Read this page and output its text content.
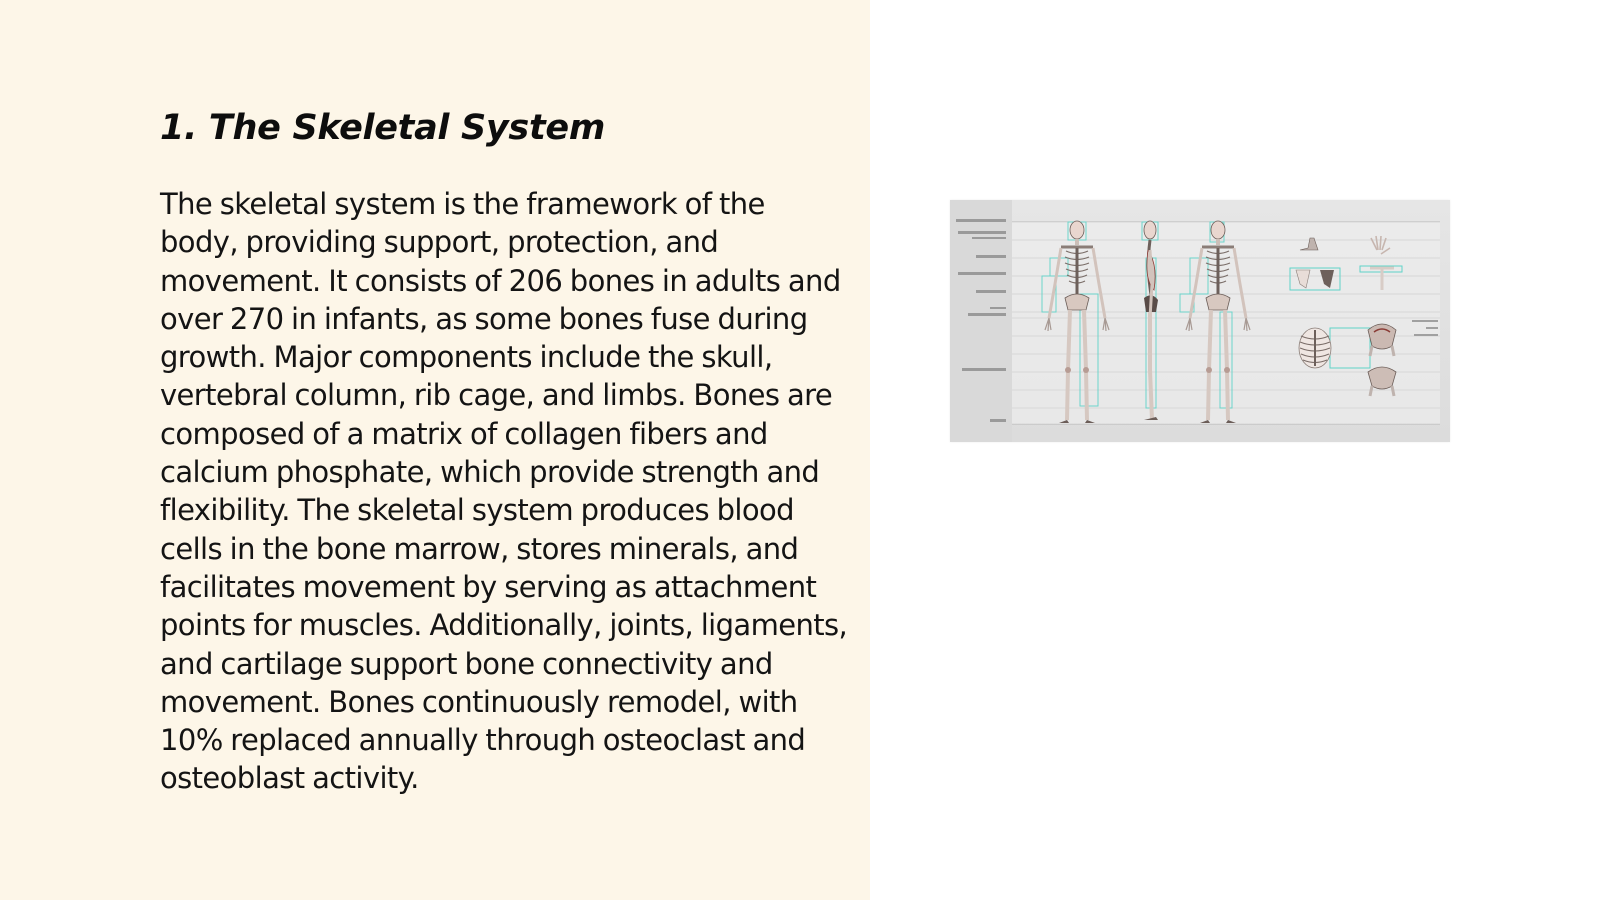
1. The Skeletal System

The skeletal system is the framework of the body, providing support, protection, and movement. It consists of 206 bones in adults and over 270 in infants, as some bones fuse during growth. Major components include the skull, vertebral column, rib cage, and limbs. Bones are composed of a matrix of collagen fibers and calcium phosphate, which provide strength and flexibility. The skeletal system produces blood cells in the bone marrow, stores minerals, and facilitates movement by serving as attachment points for muscles. Additionally, joints, ligaments, and cartilage support bone connectivity and movement. Bones continuously remodel, with 10% replaced annually through osteoclast and osteoblast activity.
